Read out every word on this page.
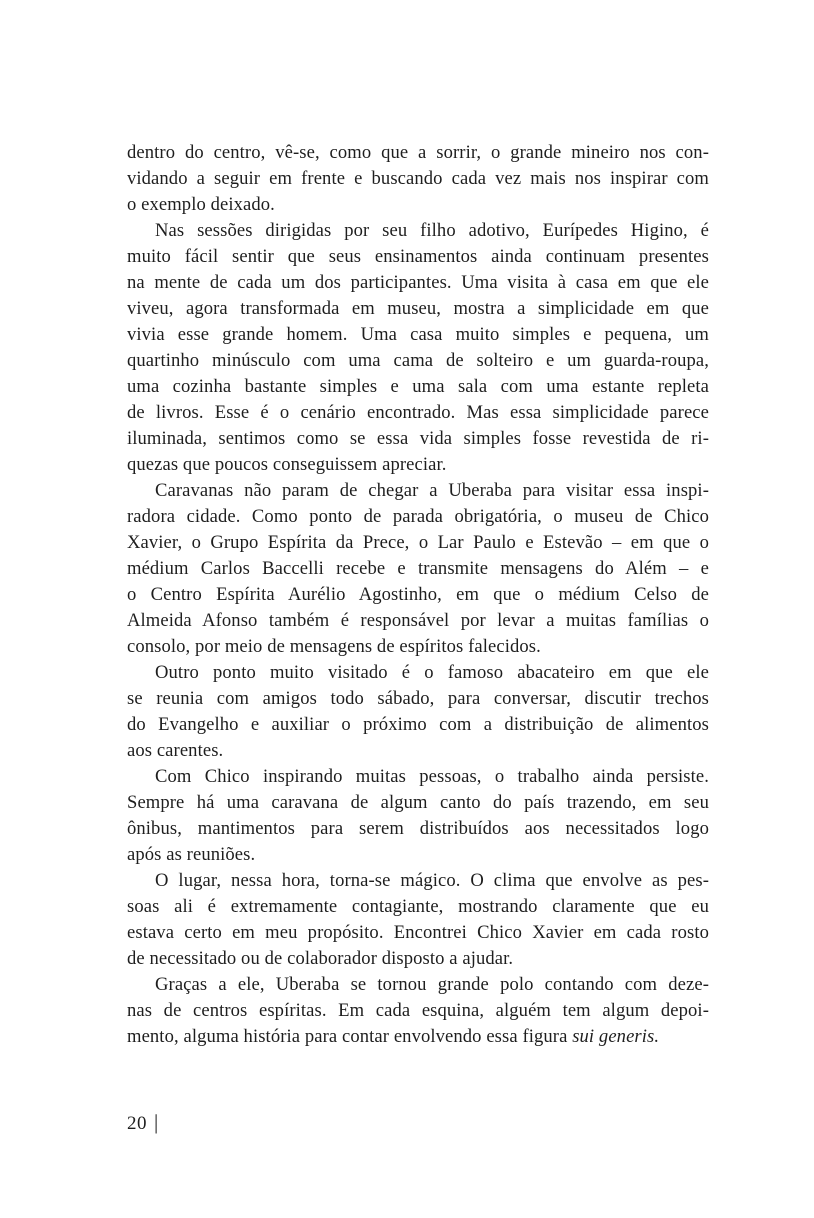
dentro do centro, vê-se, como que a sorrir, o grande mineiro nos con-
vidando a seguir em frente e buscando cada vez mais nos inspirar com
o exemplo deixado.
Nas sessões dirigidas por seu filho adotivo, Eurípedes Higino, é
muito fácil sentir que seus ensinamentos ainda continuam presentes
na mente de cada um dos participantes. Uma visita à casa em que ele
viveu, agora transformada em museu, mostra a simplicidade em que
vivia esse grande homem. Uma casa muito simples e pequena, um
quartinho minúsculo com uma cama de solteiro e um guarda-roupa,
uma cozinha bastante simples e uma sala com uma estante repleta
de livros. Esse é o cenário encontrado. Mas essa simplicidade parece
iluminada, sentimos como se essa vida simples fosse revestida de ri-
quezas que poucos conseguissem apreciar.
Caravanas não param de chegar a Uberaba para visitar essa inspi-
radora cidade. Como ponto de parada obrigatória, o museu de Chico
Xavier, o Grupo Espírita da Prece, o Lar Paulo e Estevão – em que o
médium Carlos Baccelli recebe e transmite mensagens do Além – e
o Centro Espírita Aurélio Agostinho, em que o médium Celso de
Almeida Afonso também é responsável por levar a muitas famílias o
consolo, por meio de mensagens de espíritos falecidos.
Outro ponto muito visitado é o famoso abacateiro em que ele
se reunia com amigos todo sábado, para conversar, discutir trechos
do Evangelho e auxiliar o próximo com a distribuição de alimentos
aos carentes.
Com Chico inspirando muitas pessoas, o trabalho ainda persiste.
Sempre há uma caravana de algum canto do país trazendo, em seu
ônibus, mantimentos para serem distribuídos aos necessitados logo
após as reuniões.
O lugar, nessa hora, torna-se mágico. O clima que envolve as pes-
soas ali é extremamente contagiante, mostrando claramente que eu
estava certo em meu propósito. Encontrei Chico Xavier em cada rosto
de necessitado ou de colaborador disposto a ajudar.
Graças a ele, Uberaba se tornou grande polo contando com deze-
nas de centros espíritas. Em cada esquina, alguém tem algum depoi-
mento, alguma história para contar envolvendo essa figura sui generis.
20 |
